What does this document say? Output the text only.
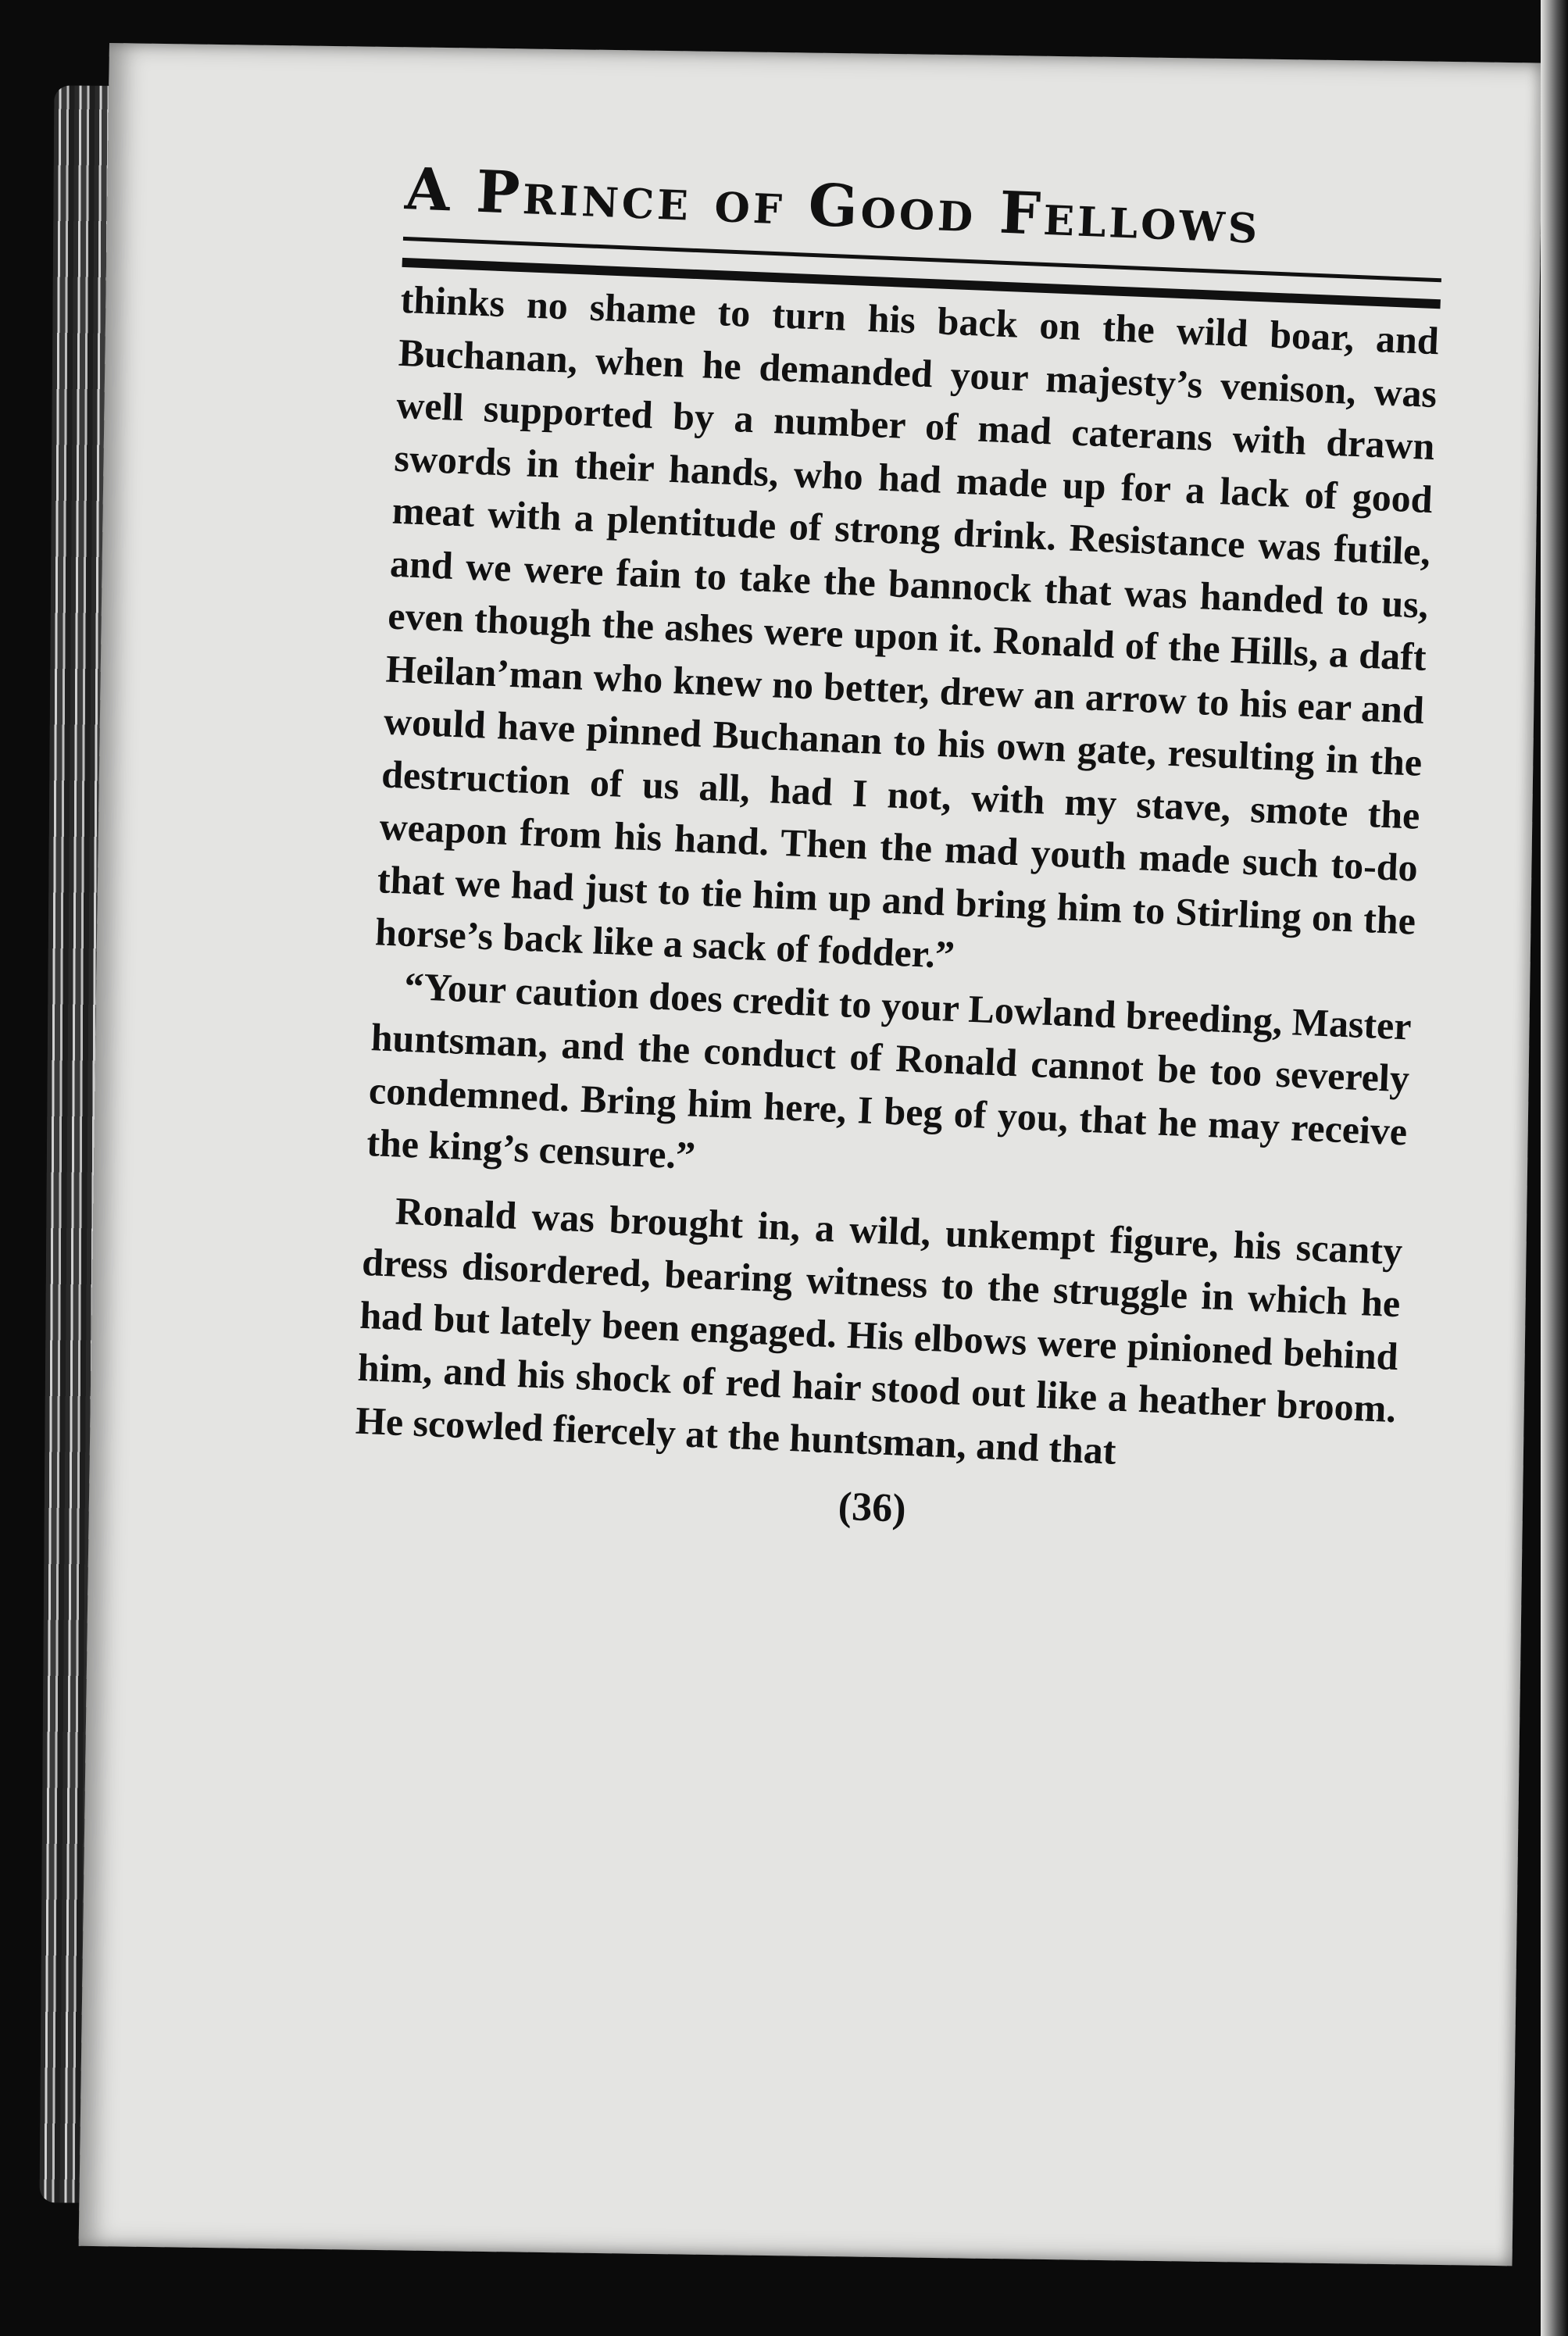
A Prince of Good Fellows

thinks no shame to turn his back on the wild boar, and Buchanan, when he demanded your majesty’s venison, was well supported by a number of mad caterans with drawn swords in their hands, who had made up for a lack of good meat with a plentitude of strong drink. Resistance was futile, and we were fain to take the bannock that was handed to us, even though the ashes were upon it. Ronald of the Hills, a daft Heilan’man who knew no better, drew an arrow to his ear and would have pinned Buchanan to his own gate, resulting in the destruction of us all, had I not, with my stave, smote the weapon from his hand. Then the mad youth made such to-do that we had just to tie him up and bring him to Stirling on the horse’s back like a sack of fodder.”

“Your caution does credit to your Lowland breeding, Master huntsman, and the conduct of Ronald cannot be too severely condemned. Bring him here, I beg of you, that he may receive the king’s censure.”

Ronald was brought in, a wild, unkempt figure, his scanty dress disordered, bearing witness to the struggle in which he had but lately been engaged. His elbows were pinioned behind him, and his shock of red hair stood out like a heather broom. He scowled fiercely at the huntsman, and that

(36)
